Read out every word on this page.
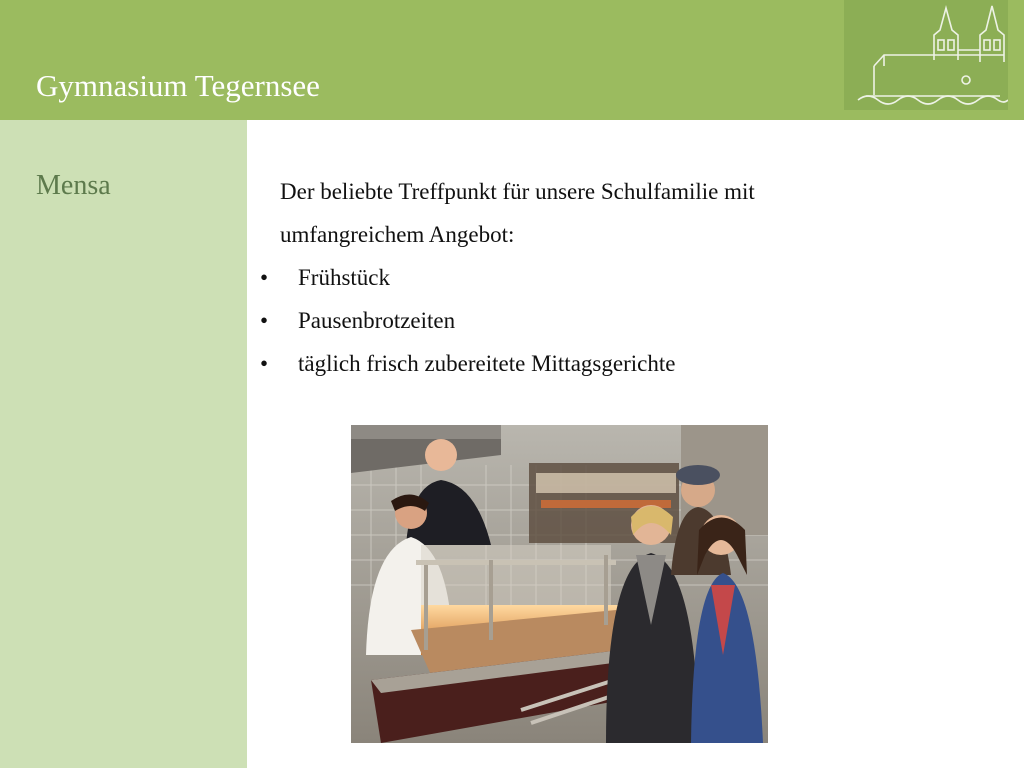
Gymnasium Tegernsee
Mensa	Der beliebte Treffpunkt für unsere Schulfamilie mit
umfangreichem Angebot:
• Frühstück
• Pausenbrotzeiten
• täglich frisch zubereitete Mittagsgerichte
